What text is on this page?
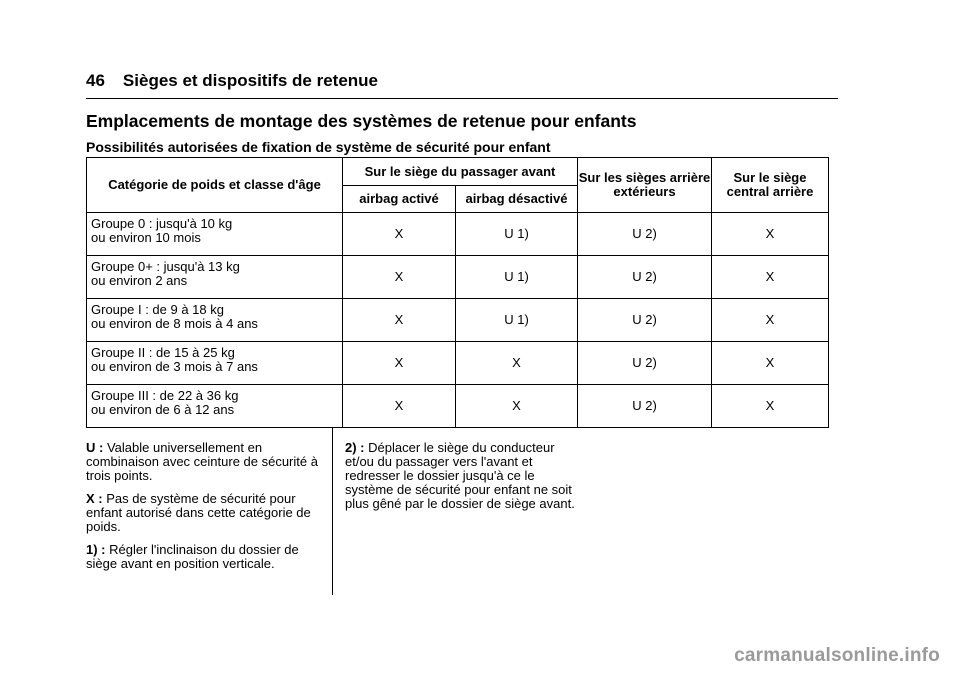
46 Sièges et dispositifs de retenue
Emplacements de montage des systèmes de retenue pour enfants
Possibilités autorisées de fixation de système de sécurité pour enfant
Catégorie de poids et classe d'âge	Sur le siège du passager avant		Sur les sièges arrière extérieurs	Sur le siège central arrière
	airbag activé	airbag désactivé		

Groupe 0 : jusqu'à 10 kg
ou environ 10 mois	X	U 1)	U 2)	X

Groupe 0+ : jusqu'à 13 kg
ou environ 2 ans	X	U 1)	U 2)	X

Groupe I : de 9 à 18 kg
ou environ de 8 mois à 4 ans	X	U 1)	U 2)	X

Groupe II : de 15 à 25 kg
ou environ de 3 mois à 7 ans	X	X	U 2)	X

Groupe III : de 22 à 36 kg
ou environ de 6 à 12 ans	X	X	U 2)	X

U : Valable universellement en combinaison avec ceinture de sécurité à trois points.

X : Pas de système de sécurité pour enfant autorisé dans cette catégorie de poids.

1) : Régler l'inclinaison du dossier de siège avant en position verticale.

2) : Déplacer le siège du conducteur et/ou du passager vers l'avant et redresser le dossier jusqu'à ce le système de sécurité pour enfant ne soit plus gêné par le dossier de siège avant.

carmanualsonline.info
